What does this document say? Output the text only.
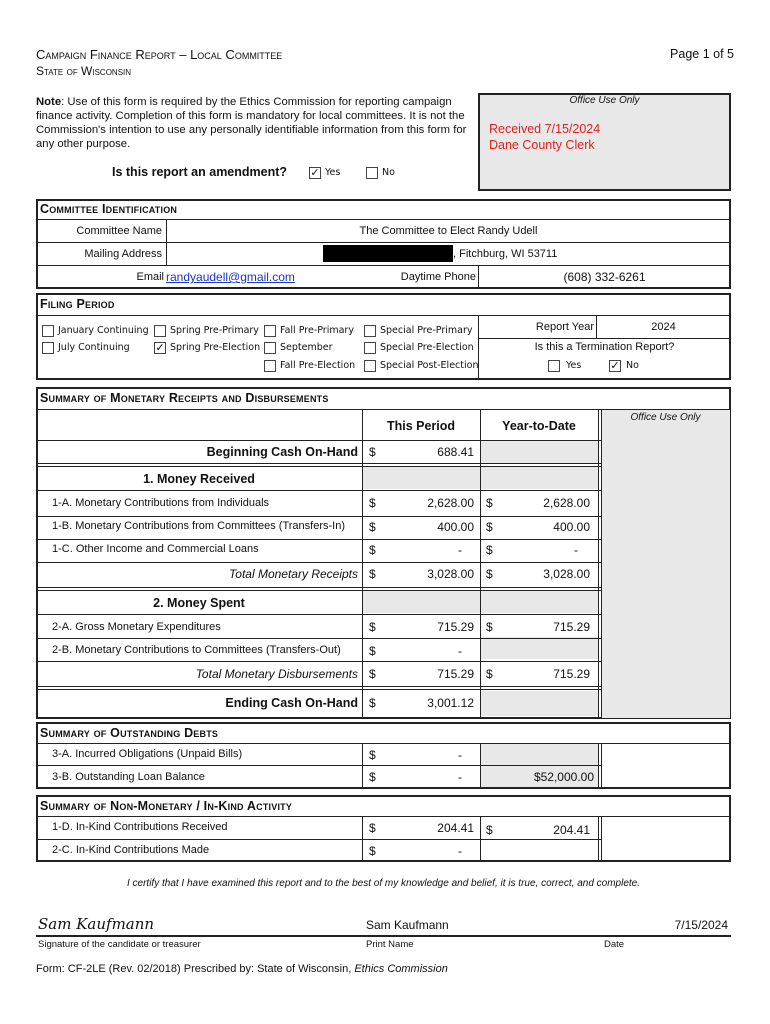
Campaign Finance Report – Local Committee
State of Wisconsin
Page 1 of 5
Note: Use of this form is required by the Ethics Commission for reporting campaign finance activity. Completion of this form is mandatory for local committees. It is not the Commission's intention to use any personally identifiable information from this form for any other purpose.
Is this report an amendment? ✓ Yes	No
Office Use Only
Received 7/15/2024
Dane County Clerk
Committee Identification
Committee Name	The Committee to Elect Randy Udell
Mailing Address	, Fitchburg, WI 53711
Email randyaudell@gmail.com	Daytime Phone	(608) 332-6261
Filing Period
January Continuing
July Continuing
Spring Pre-Primary
✓ Spring Pre-Election
Fall Pre-Primary
September
Fall Pre-Election
Special Pre-Primary
Special Pre-Election
Special Post-Election
Report Year	2024
Is this a Termination Report?
Yes	✓ No
Summary of Monetary Receipts and Disbursements
This Period	Year-to-Date
Office Use Only
Beginning Cash On-Hand $	688.41
1. Money Received
1-A. Monetary Contributions from Individuals	$	2,628.00 $	2,628.00
1-B. Monetary Contributions from Committees (Transfers-In) $	400.00 $	400.00
1-C. Other Income and Commercial Loans	$	- $	-
Total Monetary Receipts $	3,028.00 $	3,028.00
2. Money Spent
2-A. Gross Monetary Expenditures	$	715.29 $	715.29
2-B. Monetary Contributions to Committees (Transfers-Out) $	-
Total Monetary Disbursements $	715.29 $	715.29
Ending Cash On-Hand $	3,001.12
Summary of Outstanding Debts
3-A. Incurred Obligations (Unpaid Bills)	$	-
3-B. Outstanding Loan Balance	$	-	$52,000.00
Summary of Non-Monetary / In-Kind Activity
1-D. In-Kind Contributions Received	$	204.41 $	204.41
2-C. In-Kind Contributions Made	$	-
I certify that I have examined this report and to the best of my knowledge and belief, it is true, correct, and complete.
Sam Kaufmann	Sam Kaufmann	7/15/2024
Signature of the candidate or treasurer	Print Name	Date
Form: CF-2LE (Rev. 02/2018) Prescribed by: State of Wisconsin, Ethics Commission
